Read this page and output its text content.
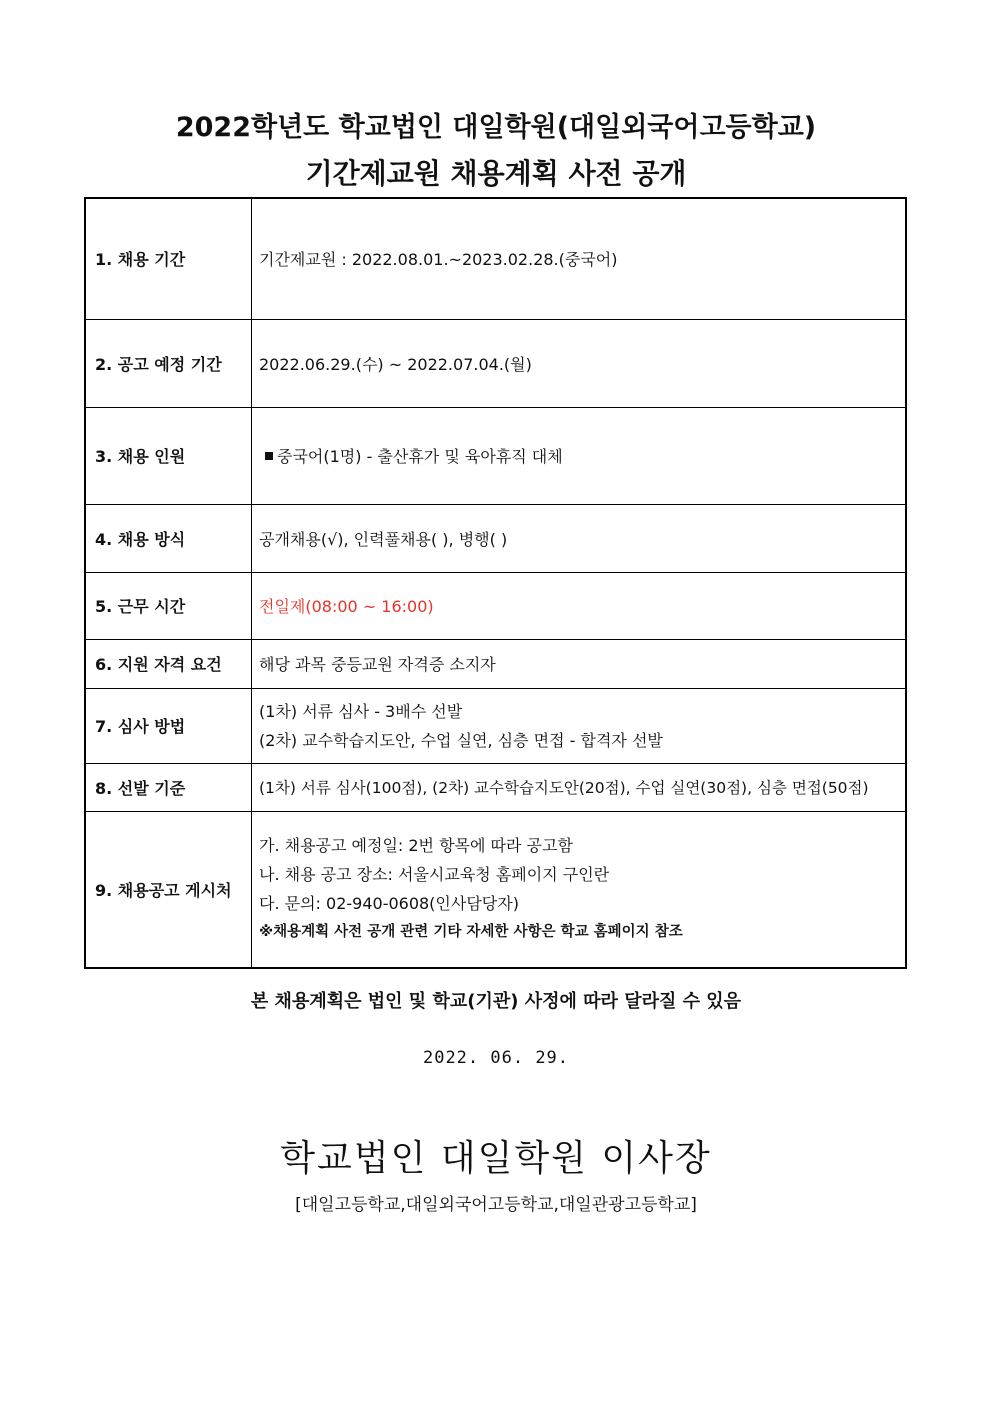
2022학년도 학교법인 대일학원(대일외국어고등학교)
기간제교원 채용계획 사전 공개
1. 채용 기간	기간제교원 : 2022.08.01.~2023.02.28.(중국어)
2. 공고 예정 기간	2022.06.29.(수) ~ 2022.07.04.(월)
3. 채용 인원	중국어(1명) - 출산휴가 및 육아휴직 대체
4. 채용 방식	공개채용(√), 인력풀채용( ), 병행( )
5. 근무 시간	전일제(08:00 ~ 16:00)
6. 지원 자격 요건	해당 과목 중등교원 자격증 소지자
7. 심사 방법	(1차) 서류 심사 - 3배수 선발
(2차) 교수학습지도안, 수업 실연, 심층 면접 - 합격자 선발

8. 선발 기준	(1차) 서류 심사(100점), (2차) 교수학습지도안(20점), 수업 실연(30점), 심층 면접(50점)
9. 채용공고 게시처	가. 채용공고 예정일: 2번 항목에 따라 공고함
나. 채용 공고 장소: 서울시교육청 홈페이지 구인란
다. 문의: 02-940-0608(인사담당자)
※채용계획 사전 공개 관련 기타 자세한 사항은 학교 홈페이지 참조
본 채용계획은 법인 및 학교(기관) 사정에 따라 달라질 수 있음
2022. 06. 29.
학교법인 대일학원 이사장
[대일고등학교,대일외국어고등학교,대일관광고등학교]
